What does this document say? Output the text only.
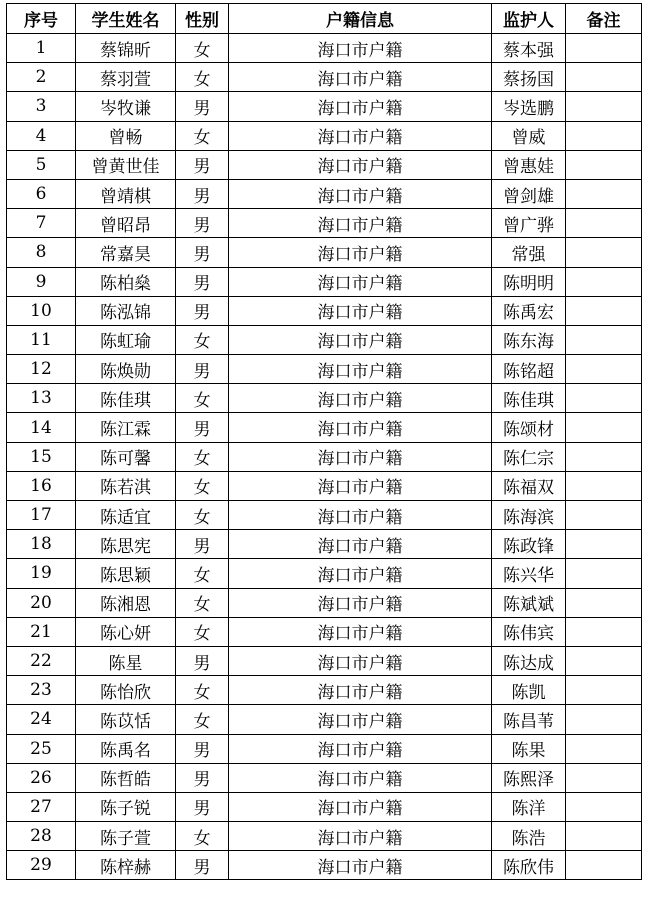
序号	学生姓名	性别	户籍信息	监护人	备注
1	蔡锦昕	女	海口市户籍	蔡本强	
2	蔡羽萱	女	海口市户籍	蔡扬国	
3	岑牧谦	男	海口市户籍	岑选鹏	
4	曾畅	女	海口市户籍	曾威	
5	曾黄世佳	男	海口市户籍	曾惠娃	
6	曾靖棋	男	海口市户籍	曾剑雄	
7	曾昭昂	男	海口市户籍	曾广骅	
8	常嘉昊	男	海口市户籍	常强	
9	陈柏燊	男	海口市户籍	陈明明	
10	陈泓锦	男	海口市户籍	陈禹宏	
11	陈虹瑜	女	海口市户籍	陈东海	
12	陈焕勋	男	海口市户籍	陈铭超	
13	陈佳琪	女	海口市户籍	陈佳琪	
14	陈江霖	男	海口市户籍	陈颂材	
15	陈可馨	女	海口市户籍	陈仁宗	
16	陈若淇	女	海口市户籍	陈福双	
17	陈适宜	女	海口市户籍	陈海滨	
18	陈思宪	男	海口市户籍	陈政锋	
19	陈思颖	女	海口市户籍	陈兴华	
20	陈湘恩	女	海口市户籍	陈斌斌	
21	陈心妍	女	海口市户籍	陈伟宾	
22	陈星	男	海口市户籍	陈达成	
23	陈怡欣	女	海口市户籍	陈凯	
24	陈苡恬	女	海口市户籍	陈昌苇	
25	陈禹名	男	海口市户籍	陈果	
26	陈哲皓	男	海口市户籍	陈熙泽	
27	陈子锐	男	海口市户籍	陈洋	
28	陈子萱	女	海口市户籍	陈浩	
29	陈梓赫	男	海口市户籍	陈欣伟	
